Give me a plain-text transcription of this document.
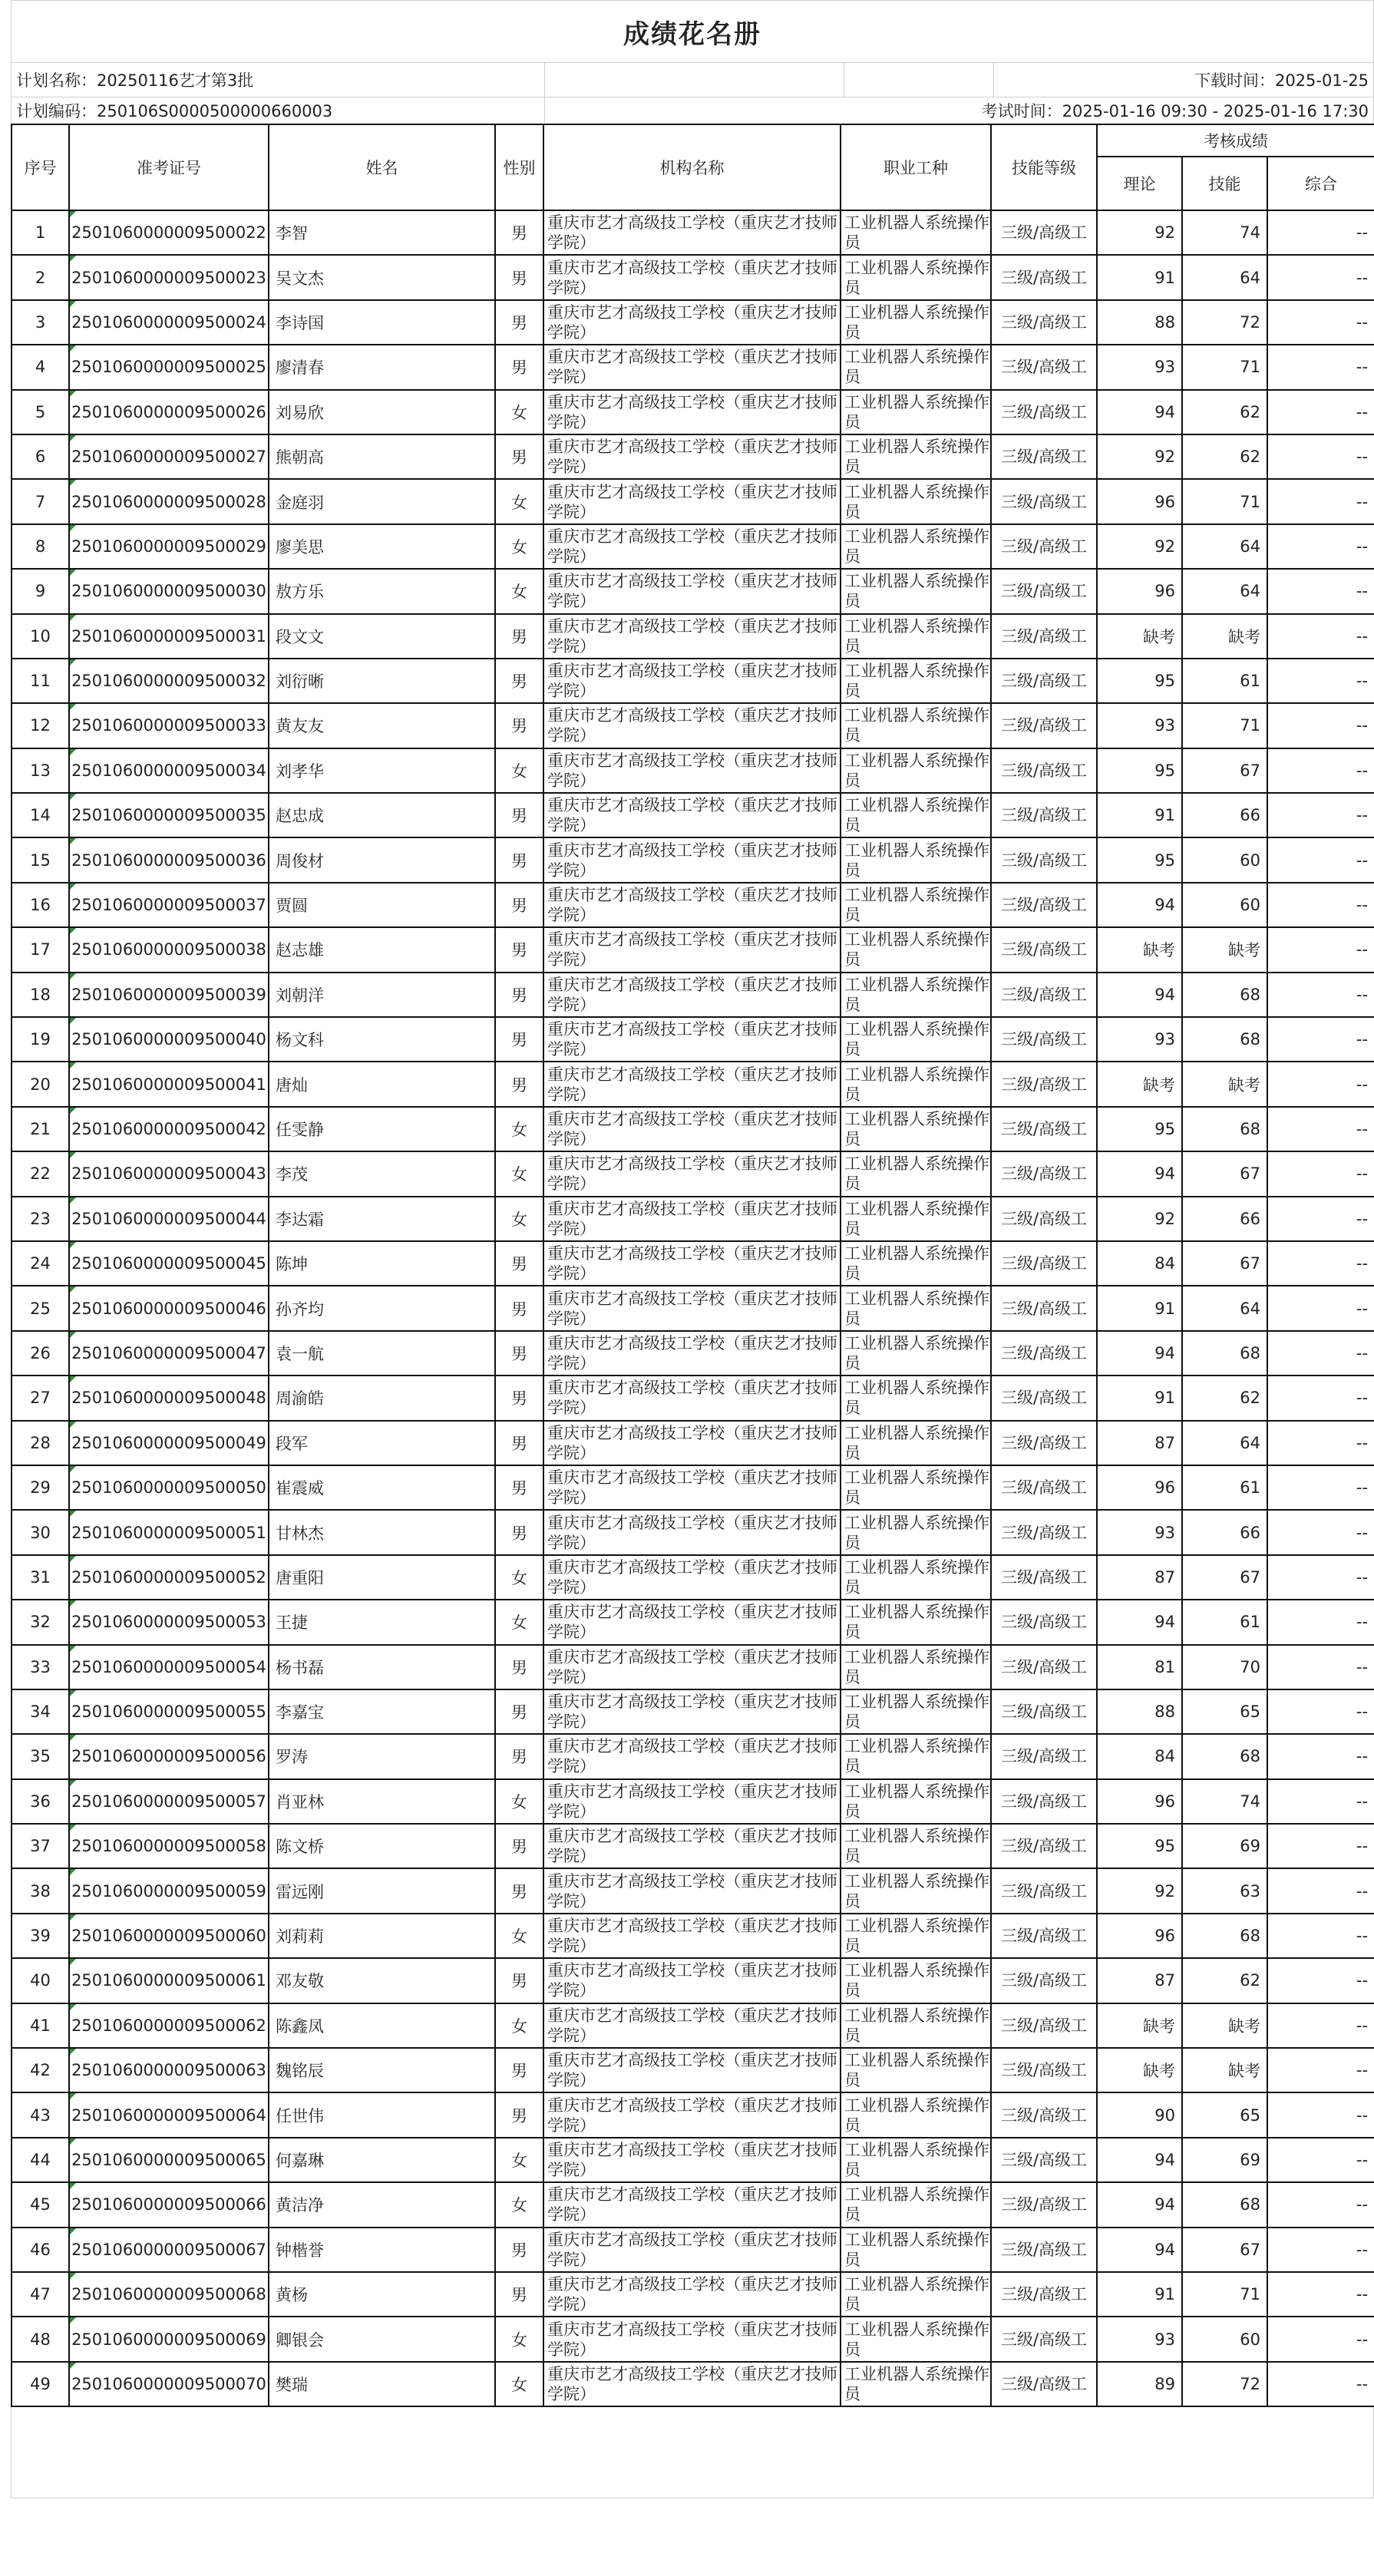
成绩花名册
计划名称：20250116艺才第3批	下载时间：2025-01-25
计划编码：250106S000050000066000​3	考试时间：2025-01-16 09:30 - 2025-01-16 17:30
序号	准考证号	姓名	性别	机构名称	职业工种	技能等级	考核成绩		
							理论	技能	综合
1	2501060000009500022	李智	男	重庆市艺才高级技工学校（重庆艺才技师学院）	工业机器人系统操作员	三级/高级工	92	74	--
2	2501060000009500023	吴文杰	男	重庆市艺才高级技工学校（重庆艺才技师学院）	工业机器人系统操作员	三级/高级工	91	64	--
3	2501060000009500024	李诗国	男	重庆市艺才高级技工学校（重庆艺才技师学院）	工业机器人系统操作员	三级/高级工	88	72	--
4	2501060000009500025	廖清春	男	重庆市艺才高级技工学校（重庆艺才技师学院）	工业机器人系统操作员	三级/高级工	93	71	--
5	2501060000009500026	刘易欣	女	重庆市艺才高级技工学校（重庆艺才技师学院）	工业机器人系统操作员	三级/高级工	94	62	--
6	2501060000009500027	熊朝高	男	重庆市艺才高级技工学校（重庆艺才技师学院）	工业机器人系统操作员	三级/高级工	92	62	--
7	2501060000009500028	金庭羽	女	重庆市艺才高级技工学校（重庆艺才技师学院）	工业机器人系统操作员	三级/高级工	96	71	--
8	2501060000009500029	廖美思	女	重庆市艺才高级技工学校（重庆艺才技师学院）	工业机器人系统操作员	三级/高级工	92	64	--
9	2501060000009500030	敖方乐	女	重庆市艺才高级技工学校（重庆艺才技师学院）	工业机器人系统操作员	三级/高级工	96	64	--
10	2501060000009500031	段文文	男	重庆市艺才高级技工学校（重庆艺才技师学院）	工业机器人系统操作员	三级/高级工	缺考	缺考	--
11	2501060000009500032	刘衍晰	男	重庆市艺才高级技工学校（重庆艺才技师学院）	工业机器人系统操作员	三级/高级工	95	61	--
12	2501060000009500033	黄友友	男	重庆市艺才高级技工学校（重庆艺才技师学院）	工业机器人系统操作员	三级/高级工	93	71	--
13	2501060000009500034	刘孝华	女	重庆市艺才高级技工学校（重庆艺才技师学院）	工业机器人系统操作员	三级/高级工	95	67	--
14	2501060000009500035	赵忠成	男	重庆市艺才高级技工学校（重庆艺才技师学院）	工业机器人系统操作员	三级/高级工	91	66	--
15	2501060000009500036	周俊材	男	重庆市艺才高级技工学校（重庆艺才技师学院）	工业机器人系统操作员	三级/高级工	95	60	--
16	2501060000009500037	贾圆	男	重庆市艺才高级技工学校（重庆艺才技师学院）	工业机器人系统操作员	三级/高级工	94	60	--
17	2501060000009500038	赵志雄	男	重庆市艺才高级技工学校（重庆艺才技师学院）	工业机器人系统操作员	三级/高级工	缺考	缺考	--
18	2501060000009500039	刘朝洋	男	重庆市艺才高级技工学校（重庆艺才技师学院）	工业机器人系统操作员	三级/高级工	94	68	--
19	2501060000009500040	杨文科	男	重庆市艺才高级技工学校（重庆艺才技师学院）	工业机器人系统操作员	三级/高级工	93	68	--
20	2501060000009500041	唐灿	男	重庆市艺才高级技工学校（重庆艺才技师学院）	工业机器人系统操作员	三级/高级工	缺考	缺考	--
21	2501060000009500042	任雯静	女	重庆市艺才高级技工学校（重庆艺才技师学院）	工业机器人系统操作员	三级/高级工	95	68	--
22	2501060000009500043	李茂	女	重庆市艺才高级技工学校（重庆艺才技师学院）	工业机器人系统操作员	三级/高级工	94	67	--
23	2501060000009500044	李达霜	女	重庆市艺才高级技工学校（重庆艺才技师学院）	工业机器人系统操作员	三级/高级工	92	66	--
24	2501060000009500045	陈坤	男	重庆市艺才高级技工学校（重庆艺才技师学院）	工业机器人系统操作员	三级/高级工	84	67	--
25	2501060000009500046	孙齐均	男	重庆市艺才高级技工学校（重庆艺才技师学院）	工业机器人系统操作员	三级/高级工	91	64	--
26	2501060000009500047	袁一航	男	重庆市艺才高级技工学校（重庆艺才技师学院）	工业机器人系统操作员	三级/高级工	94	68	--
27	2501060000009500048	周渝皓	男	重庆市艺才高级技工学校（重庆艺才技师学院）	工业机器人系统操作员	三级/高级工	91	62	--
28	2501060000009500049	段军	男	重庆市艺才高级技工学校（重庆艺才技师学院）	工业机器人系统操作员	三级/高级工	87	64	--
29	2501060000009500050	崔震威	男	重庆市艺才高级技工学校（重庆艺才技师学院）	工业机器人系统操作员	三级/高级工	96	61	--
30	2501060000009500051	甘林杰	男	重庆市艺才高级技工学校（重庆艺才技师学院）	工业机器人系统操作员	三级/高级工	93	66	--
31	2501060000009500052	唐重阳	女	重庆市艺才高级技工学校（重庆艺才技师学院）	工业机器人系统操作员	三级/高级工	87	67	--
32	2501060000009500053	王捷	女	重庆市艺才高级技工学校（重庆艺才技师学院）	工业机器人系统操作员	三级/高级工	94	61	--
33	2501060000009500054	杨书磊	男	重庆市艺才高级技工学校（重庆艺才技师学院）	工业机器人系统操作员	三级/高级工	81	70	--
34	2501060000009500055	李嘉宝	男	重庆市艺才高级技工学校（重庆艺才技师学院）	工业机器人系统操作员	三级/高级工	88	65	--
35	2501060000009500056	罗涛	男	重庆市艺才高级技工学校（重庆艺才技师学院）	工业机器人系统操作员	三级/高级工	84	68	--
36	2501060000009500057	肖亚林	女	重庆市艺才高级技工学校（重庆艺才技师学院）	工业机器人系统操作员	三级/高级工	96	74	--
37	2501060000009500058	陈文桥	男	重庆市艺才高级技工学校（重庆艺才技师学院）	工业机器人系统操作员	三级/高级工	95	69	--
38	2501060000009500059	雷远刚	男	重庆市艺才高级技工学校（重庆艺才技师学院）	工业机器人系统操作员	三级/高级工	92	63	--
39	2501060000009500060	刘莉莉	女	重庆市艺才高级技工学校（重庆艺才技师学院）	工业机器人系统操作员	三级/高级工	96	68	--
40	2501060000009500061	邓友敬	男	重庆市艺才高级技工学校（重庆艺才技师学院）	工业机器人系统操作员	三级/高级工	87	62	--
41	2501060000009500062	陈鑫凤	女	重庆市艺才高级技工学校（重庆艺才技师学院）	工业机器人系统操作员	三级/高级工	缺考	缺考	--
42	2501060000009500063	魏铭辰	男	重庆市艺才高级技工学校（重庆艺才技师学院）	工业机器人系统操作员	三级/高级工	缺考	缺考	--
43	2501060000009500064	任世伟	男	重庆市艺才高级技工学校（重庆艺才技师学院）	工业机器人系统操作员	三级/高级工	90	65	--
44	2501060000009500065	何嘉琳	女	重庆市艺才高级技工学校（重庆艺才技师学院）	工业机器人系统操作员	三级/高级工	94	69	--
45	2501060000009500066	黄洁净	女	重庆市艺才高级技工学校（重庆艺才技师学院）	工业机器人系统操作员	三级/高级工	94	68	--
46	2501060000009500067	钟楷誉	男	重庆市艺才高级技工学校（重庆艺才技师学院）	工业机器人系统操作员	三级/高级工	94	67	--
47	2501060000009500068	黄杨	男	重庆市艺才高级技工学校（重庆艺才技师学院）	工业机器人系统操作员	三级/高级工	91	71	--
48	2501060000009500069	卿银会	女	重庆市艺才高级技工学校（重庆艺才技师学院）	工业机器人系统操作员	三级/高级工	93	60	--
49	2501060000009500070	樊瑞	女	重庆市艺才高级技工学校（重庆艺才技师学院）	工业机器人系统操作员	三级/高级工	89	72	--
